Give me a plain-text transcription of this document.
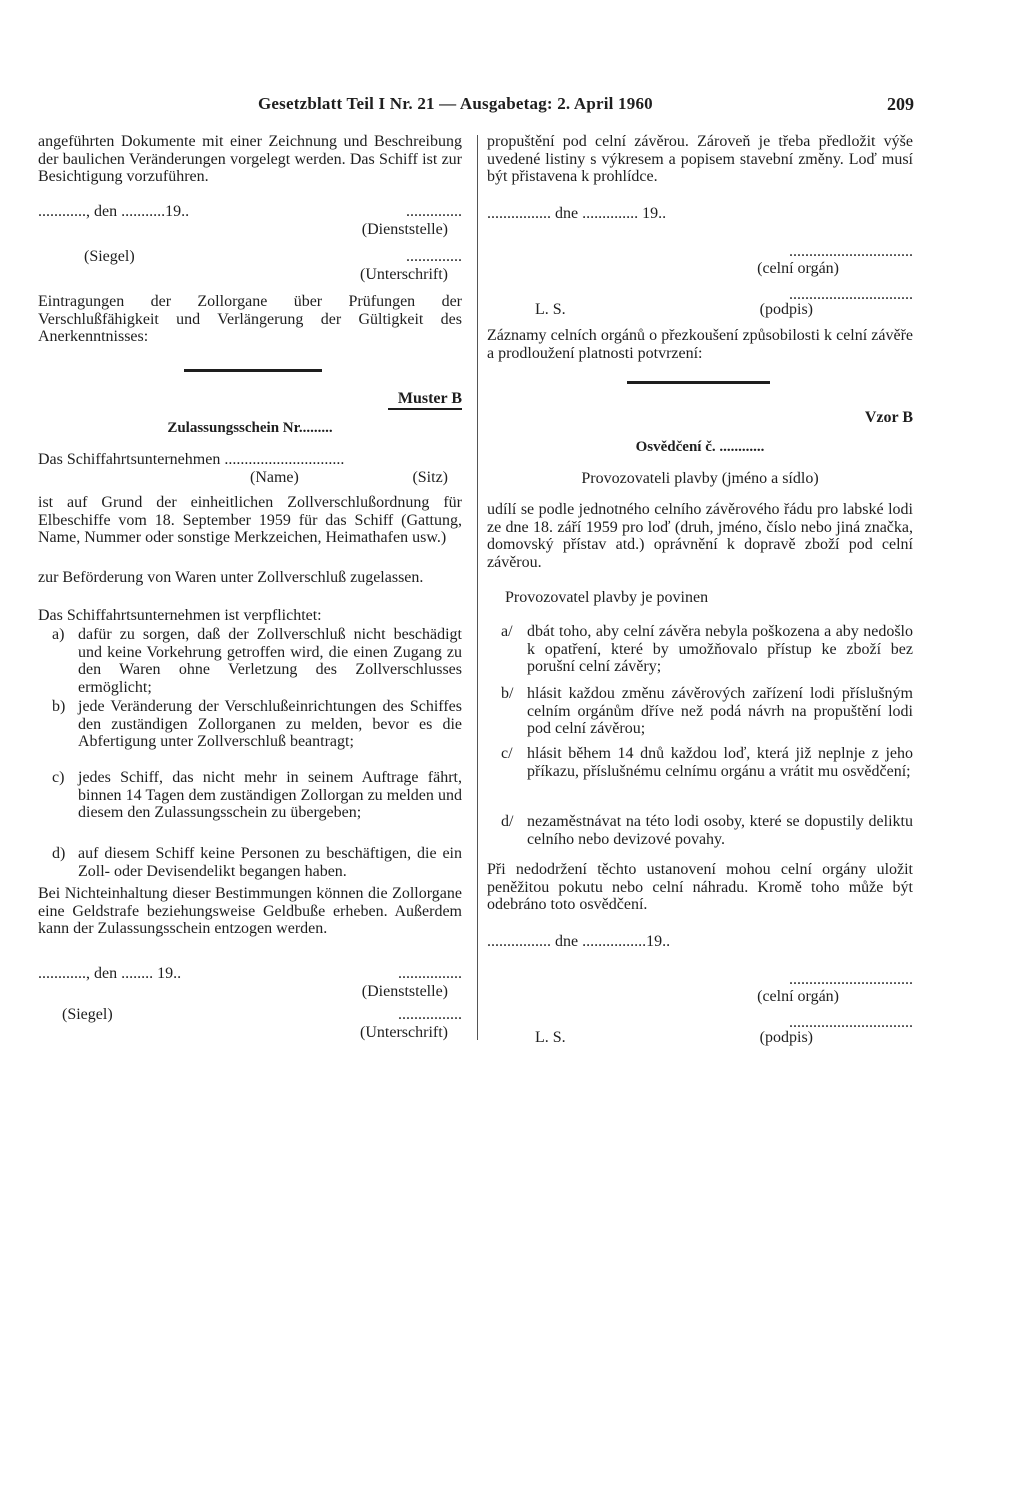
Gesetzblatt Teil I Nr. 21 — Ausgabetag: 2. April 1960	209

angeführten Dokumente mit einer Zeichnung und Beschreibung der baulichen Veränderungen vorgelegt werden. Das Schiff ist zur Besichtigung vorzuführen.

............, den ...........19..	..............
(Dienststelle)
(Siegel)	..............
(Unterschrift)

Eintragungen der Zollorgane über Prüfungen der Verschlußfähigkeit und Verlängerung der Gültigkeit des Anerkenntnisses:

Muster B
Zulassungsschein Nr.........
Das Schiffahrtsunternehmen ..............................
(Name)	(Sitz)

ist auf Grund der einheitlichen Zollverschlußordnung für Elbeschiffe vom 18. September 1959 für das Schiff (Gattung, Name, Nummer oder sonstige Merkzeichen, Heimathafen usw.)

zur Beförderung von Waren unter Zollverschluß zugelassen.

Das Schiffahrtsunternehmen ist verpflichtet:

a) dafür zu sorgen, daß der Zollverschluß nicht beschädigt und keine Vorkehrung getroffen wird, die einen Zugang zu den Waren ohne Verletzung des Zollverschlusses ermöglicht;
b) jede Veränderung der Verschlußeinrichtungen des Schiffes den zuständigen Zollorganen zu melden, bevor es die Abfertigung unter Zollverschluß beantragt;
c) jedes Schiff, das nicht mehr in seinem Auftrage fährt, binnen 14 Tagen dem zuständigen Zollorgan zu melden und diesem den Zulassungsschein zu übergeben;
d) auf diesem Schiff keine Personen zu beschäftigen, die ein Zoll- oder Devisendelikt begangen haben.

Bei Nichteinhaltung dieser Bestimmungen können die Zollorgane eine Geldstrafe beziehungsweise Geldbuße erheben. Außerdem kann der Zulassungsschein entzogen werden.

............, den ........ 19..	................
(Dienststelle)
(Siegel)	................
(Unterschrift)

propuštění pod celní závěrou. Zároveň je třeba předložit výše uvedené listiny s výkresem a popisem stavební změny. Loď musí být přistavena k prohlídce.

................ dne .............. 19..
...............................
(celní orgán)
...............................
L. S.	(podpis)

Záznamy celních orgánů o přezkoušení způsobilosti k celní závěře a prodloužení platnosti potvrzení:

Vzor B
Osvědčení č. ............
Provozovateli plavby (jméno a sídlo)

udílí se podle jednotného celního závěrového řádu pro labské lodi ze dne 18. září 1959 pro loď (druh, jméno, číslo nebo jiná značka, domovský přístav atd.) oprávnění k dopravě zboží pod celní závěrou.

Provozovatel plavby je povinen

a/ dbát toho, aby celní závěra nebyla poškozena a aby nedošlo k opatření, které by umožňovalo přístup ke zboží bez porušní celní závěry;
b/ hlásit každou změnu závěrových zařízení lodi příslušným celním orgánům dříve než podá návrh na propuštění lodi pod celní závěrou;
c/ hlásit během 14 dnů každou loď, která již neplnje z jeho příkazu, příslušnému celnímu orgánu a vrátit mu osvědčení;
d/ nezaměstnávat na této lodi osoby, které se dopustily deliktu celního nebo devizové povahy.

Při nedodržení těchto ustanovení mohou celní orgány uložit peněžitou pokutu nebo celní náhradu. Kromě toho může být odebráno toto osvědčení.

................ dne ................19..
...............................
(celní orgán)
...............................
L. S.	(podpis)
